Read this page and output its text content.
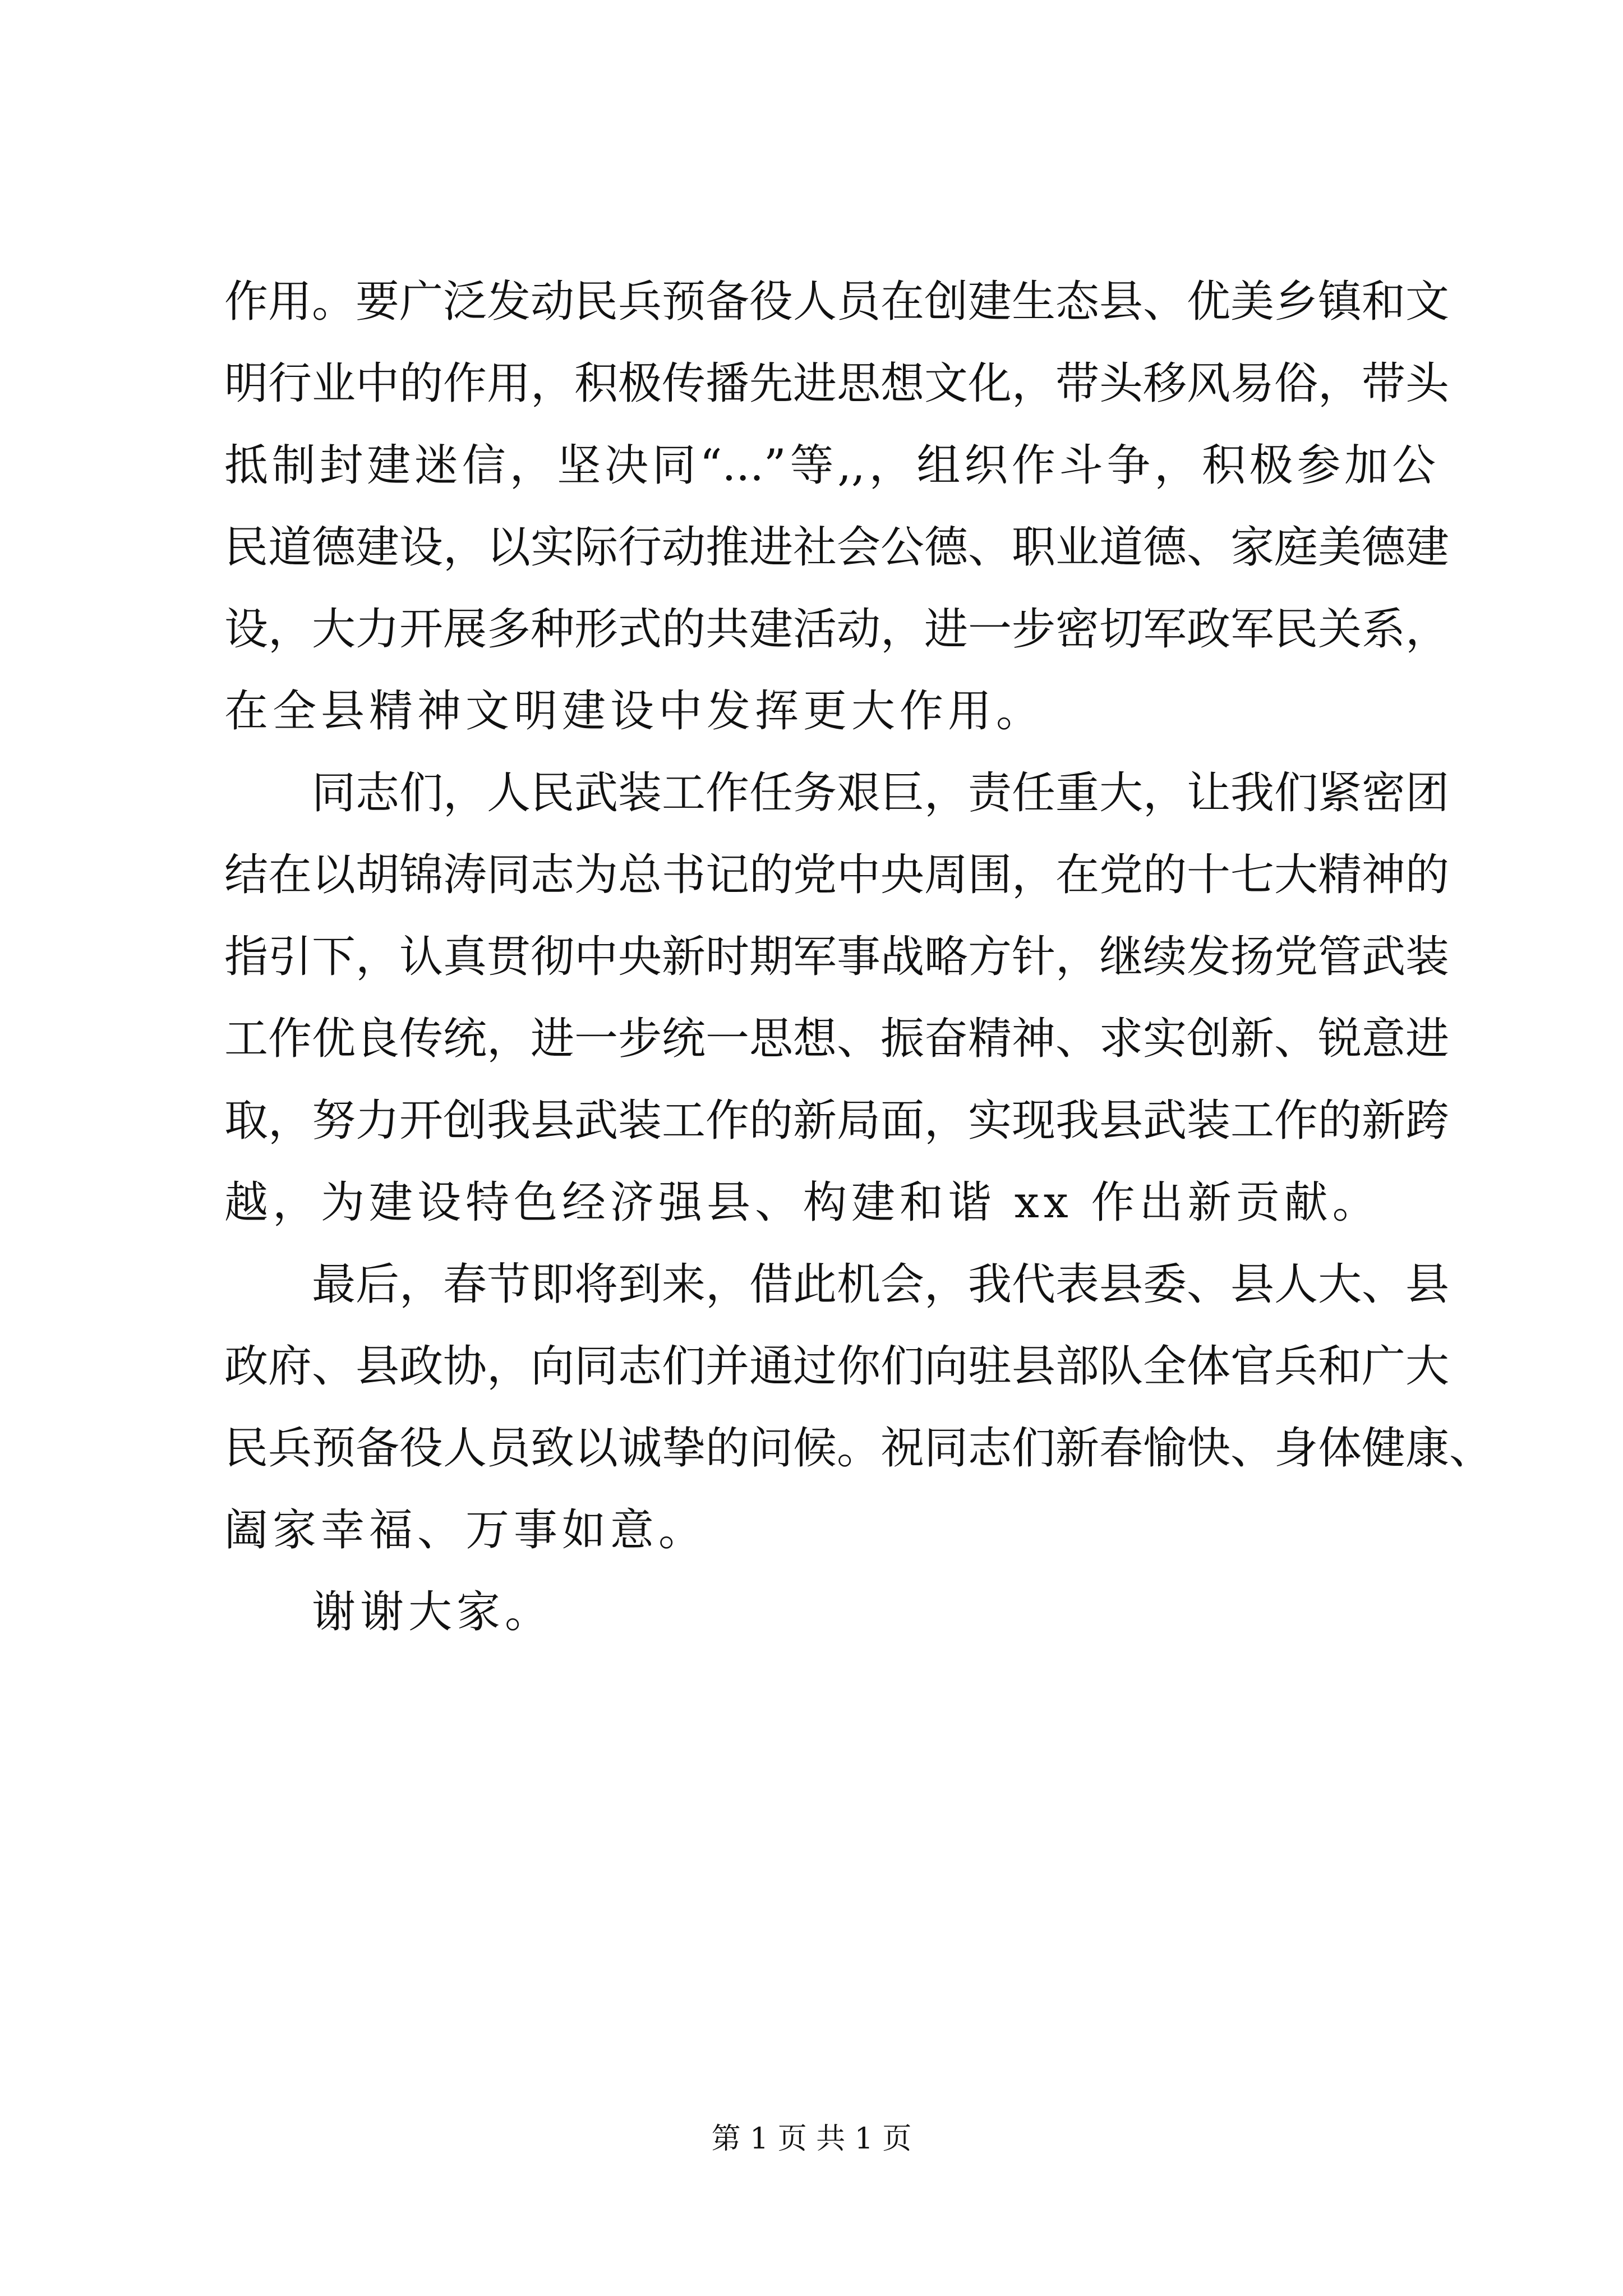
作用。要广泛发动民兵预备役人员在创建生态县、优美乡镇和文
明行业中的作用，积极传播先进思想文化，带头移风易俗，带头
抵制封建迷信，坚决同“...”等,,，组织作斗争，积极参加公
民道德建设，以实际行动推进社会公德、职业道德、家庭美德建
设，大力开展多种形式的共建活动，进一步密切军政军民关系，
在全县精神文明建设中发挥更大作用。
同志们，人民武装工作任务艰巨，责任重大，让我们紧密团
结在以胡锦涛同志为总书记的党中央周围，在党的十七大精神的
指引下，认真贯彻中央新时期军事战略方针，继续发扬党管武装
工作优良传统，进一步统一思想、振奋精神、求实创新、锐意进
取，努力开创我县武装工作的新局面，实现我县武装工作的新跨
越，为建设特色经济强县、构建和谐 xx 作出新贡献。
最后，春节即将到来，借此机会，我代表县委、县人大、县
政府、县政协，向同志们并通过你们向驻县部队全体官兵和广大
民兵预备役人员致以诚挚的问候。祝同志们新春愉快、身体健康、
阖家幸福、万事如意。
谢谢大家。
第 1 页 共 1 页
